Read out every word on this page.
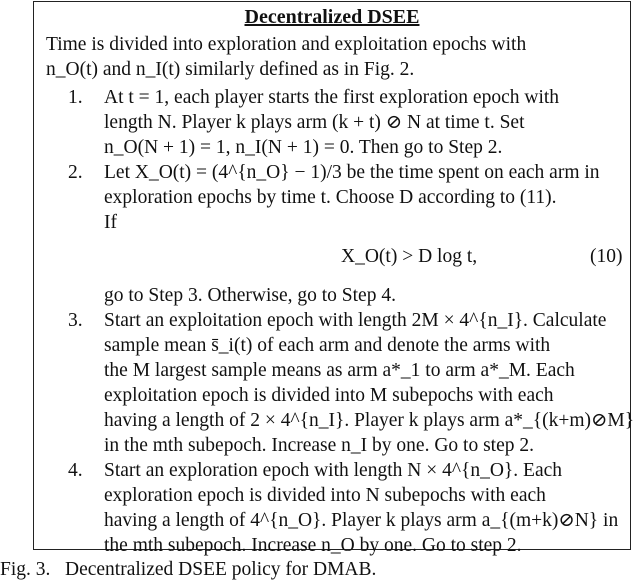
Decentralized DSEE
Time is divided into exploration and exploitation epochs with
n_O(t) and n_I(t) similarly defined as in Fig. 2.
1. At t = 1, each player starts the first exploration epoch with
length N. Player k plays arm (k + t) ⊘ N at time t. Set
n_O(N + 1) = 1, n_I(N + 1) = 0. Then go to Step 2.
2. Let X_O(t) = (4^{n_O} − 1)/3 be the time spent on each arm in
exploration epochs by time t. Choose D according to (11).
If
X_O(t) > D log t,	(10)
go to Step 3. Otherwise, go to Step 4.
3. Start an exploitation epoch with length 2M × 4^{n_I}. Calculate
sample mean s̄_i(t) of each arm and denote the arms with
the M largest sample means as arm a*_1 to arm a*_M. Each
exploitation epoch is divided into M subepochs with each
having a length of 2 × 4^{n_I}. Player k plays arm a*_{(k+m)⊘M}
in the mth subepoch. Increase n_I by one. Go to step 2.
4. Start an exploration epoch with length N × 4^{n_O}. Each
exploration epoch is divided into N subepochs with each
having a length of 4^{n_O}. Player k plays arm a_{(m+k)⊘N} in
the mth subepoch. Increase n_O by one. Go to step 2.
Fig. 3.   Decentralized DSEE policy for DMAB.
